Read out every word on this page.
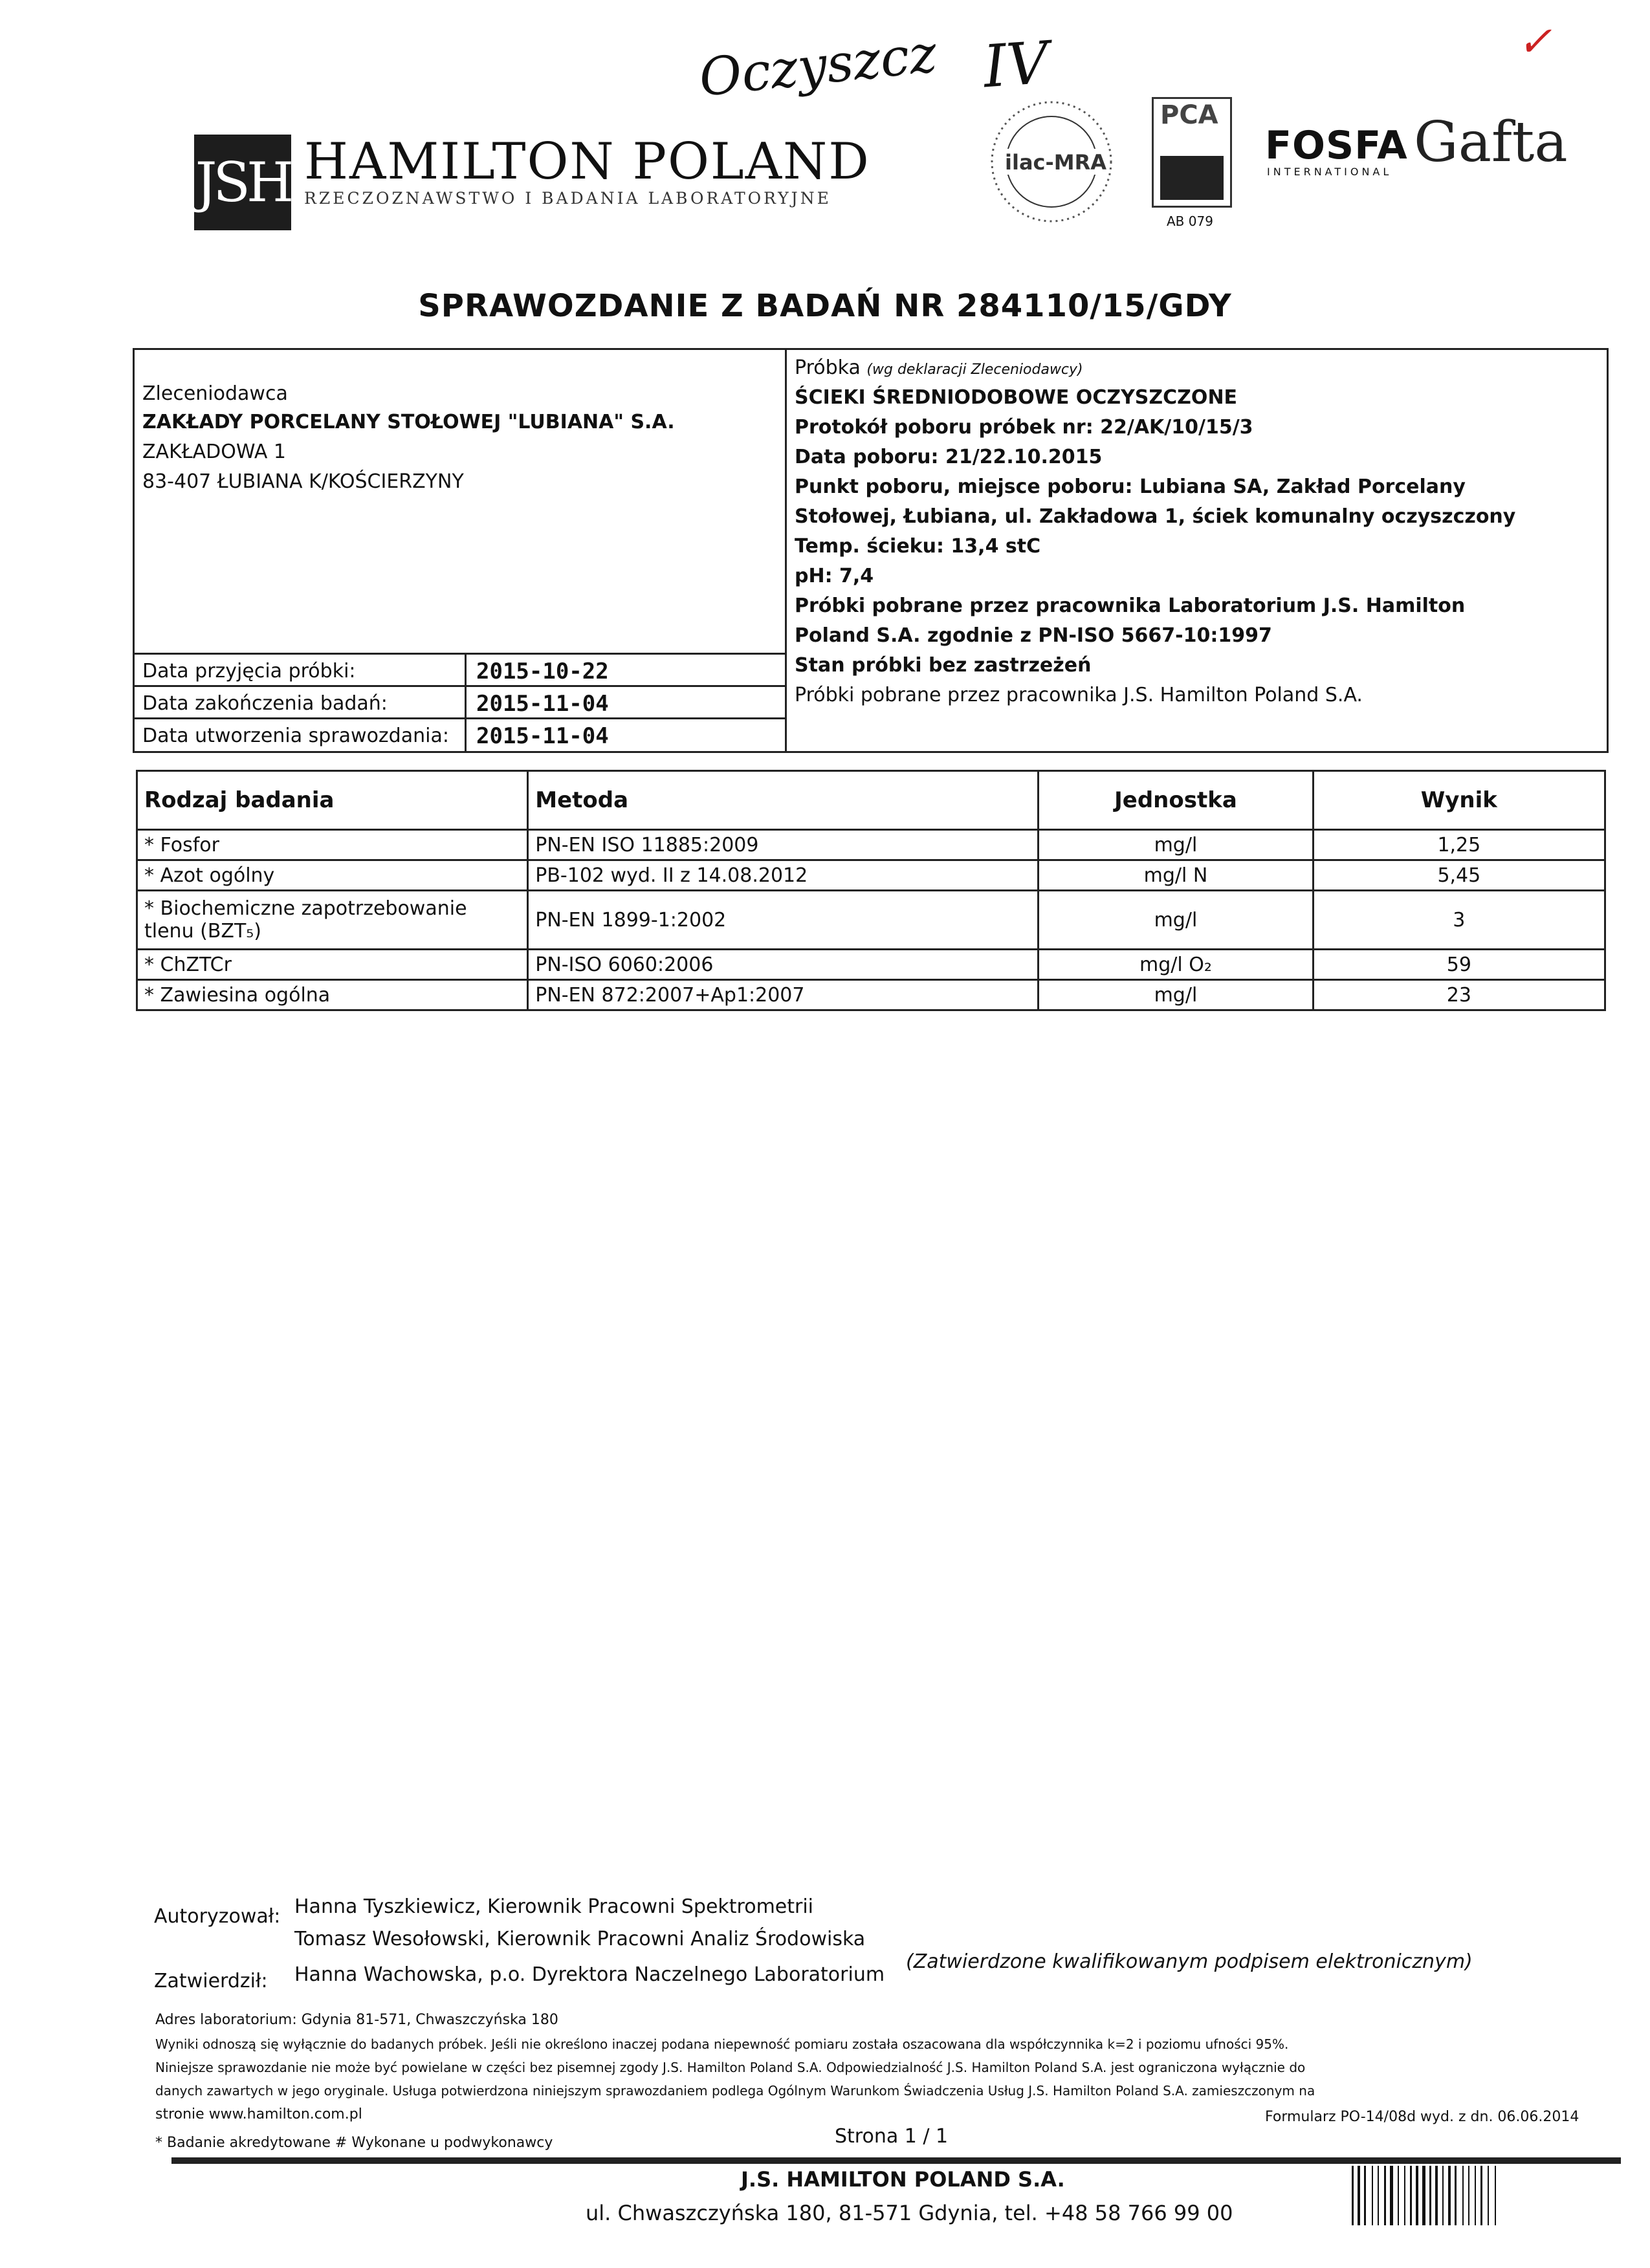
Oczyszcz IV	✓
JSH HAMILTON POLAND
RZECZOZNAWSTWO I BADANIA LABORATORYJNE
ilac-MRA
PCA
AB 079
FOSFA
INTERNATIONAL Gafta
SPRAWOZDANIE Z BADAŃ NR 284110/15/GDY
Zleceniodawca
ZAKŁADY PORCELANY STOŁOWEJ "LUBIANA" S.A.
ZAKŁADOWA 1
83-407 ŁUBIANA K/KOŚCIERZYNY
Data przyjęcia próbki:	2015-10-22
Data zakończenia badań:	2015-11-04
Data utworzenia sprawozdania: 2015-11-04
Próbka (wg deklaracji Zleceniodawcy)
ŚCIEKI ŚREDNIODOBOWE OCZYSZCZONE
Protokół poboru próbek nr: 22/AK/10/15/3
Data poboru: 21/22.10.2015
Punkt poboru, miejsce poboru: Lubiana SA, Zakład Porcelany
Stołowej, Łubiana, ul. Zakładowa 1, ściek komunalny oczyszczony
Temp. ścieku: 13,4 stC
pH: 7,4
Próbki pobrane przez pracownika Laboratorium J.S. Hamilton
Poland S.A. zgodnie z PN-ISO 5667-10:1997
Stan próbki bez zastrzeżeń
Próbki pobrane przez pracownika J.S. Hamilton Poland S.A.
Rodzaj badania	Metoda	Jednostka	Wynik
* Fosfor	PN-EN ISO 11885:2009	mg/l	1,25
* Azot ogólny	PB-102 wyd. II z 14.08.2012	mg/l N	5,45
* Biochemiczne zapotrzebowanie tlenu (BZT₅)	PN-EN 1899-1:2002	mg/l	3
* ChZTCr	PN-ISO 6060:2006	mg/l O₂	59
* Zawiesina ogólna	PN-EN 872:2007+Ap1:2007	mg/l	23
Autoryzował: Hanna Tyszkiewicz, Kierownik Pracowni Spektrometrii
Tomasz Wesołowski, Kierownik Pracowni Analiz Środowiska
(Zatwierdzone kwalifikowanym podpisem elektronicznym)
Zatwierdził: Hanna Wachowska, p.o. Dyrektora Naczelnego Laboratorium
Adres laboratorium: Gdynia 81-571, Chwaszczyńska 180
Wyniki odnoszą się wyłącznie do badanych próbek. Jeśli nie określono inaczej podana niepewność pomiaru została oszacowana dla współczynnika k=2 i poziomu ufności 95%.
Niniejsze sprawozdanie nie może być powielane w części bez pisemnej zgody J.S. Hamilton Poland S.A. Odpowiedzialność J.S. Hamilton Poland S.A. jest ograniczona wyłącznie do
danych zawartych w jego oryginale. Usługa potwierdzona niniejszym sprawozdaniem podlega Ogólnym Warunkom Świadczenia Usług J.S. Hamilton Poland S.A. zamieszczonym na
stronie www.hamilton.com.pl	Formularz PO-14/08d wyd. z dn. 06.06.2014
* Badanie akredytowane # Wykonane u podwykonawcy	Strona 1 / 1
J.S. HAMILTON POLAND S.A.
ul. Chwaszczyńska 180, 81-571 Gdynia, tel. +48 58 766 99 00
